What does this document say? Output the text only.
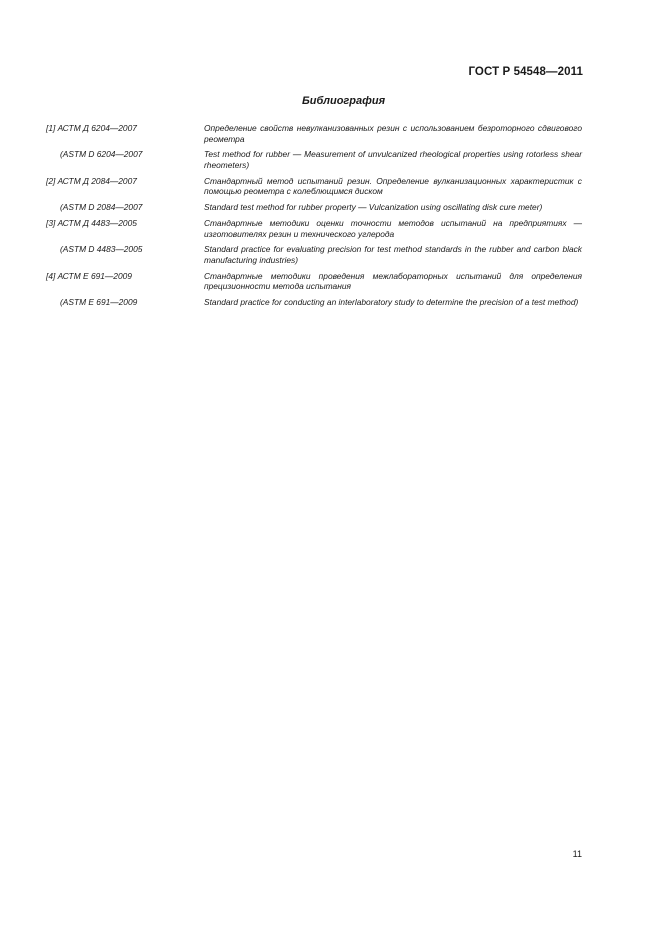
ГОСТ Р 54548—2011
Библиография
[1] АСТМ Д 6204—2007	Определение свойств невулканизованных резин с использованием безроторного сдвигового реометра
(ASTM D 6204—2007	Test method for rubber — Measurement of unvulcanized rheological properties using rotorless shear rheometers)
[2] АСТМ Д 2084—2007	Стандартный метод испытаний резин. Определение вулканизационных характеристик с помощью реометра с колеблющимся диском
(ASTM D 2084—2007	Standard test method for rubber property — Vulcanization using oscillating disk cure meter)
[3] АСТМ Д 4483—2005	Стандартные методики оценки точности методов испытаний на предприятиях — изготовителях резин и технического углерода
(ASTM D 4483—2005	Standard practice for evaluating precision for test method standards in the rubber and carbon black manufacturing industries)
[4] АСТМ Е 691—2009	Стандартные методики проведения межлабораторных испытаний для определения прецизионности метода испытания
(ASTM E 691—2009	Standard practice for conducting an interlaboratory study to determine the precision of a test method)
11
